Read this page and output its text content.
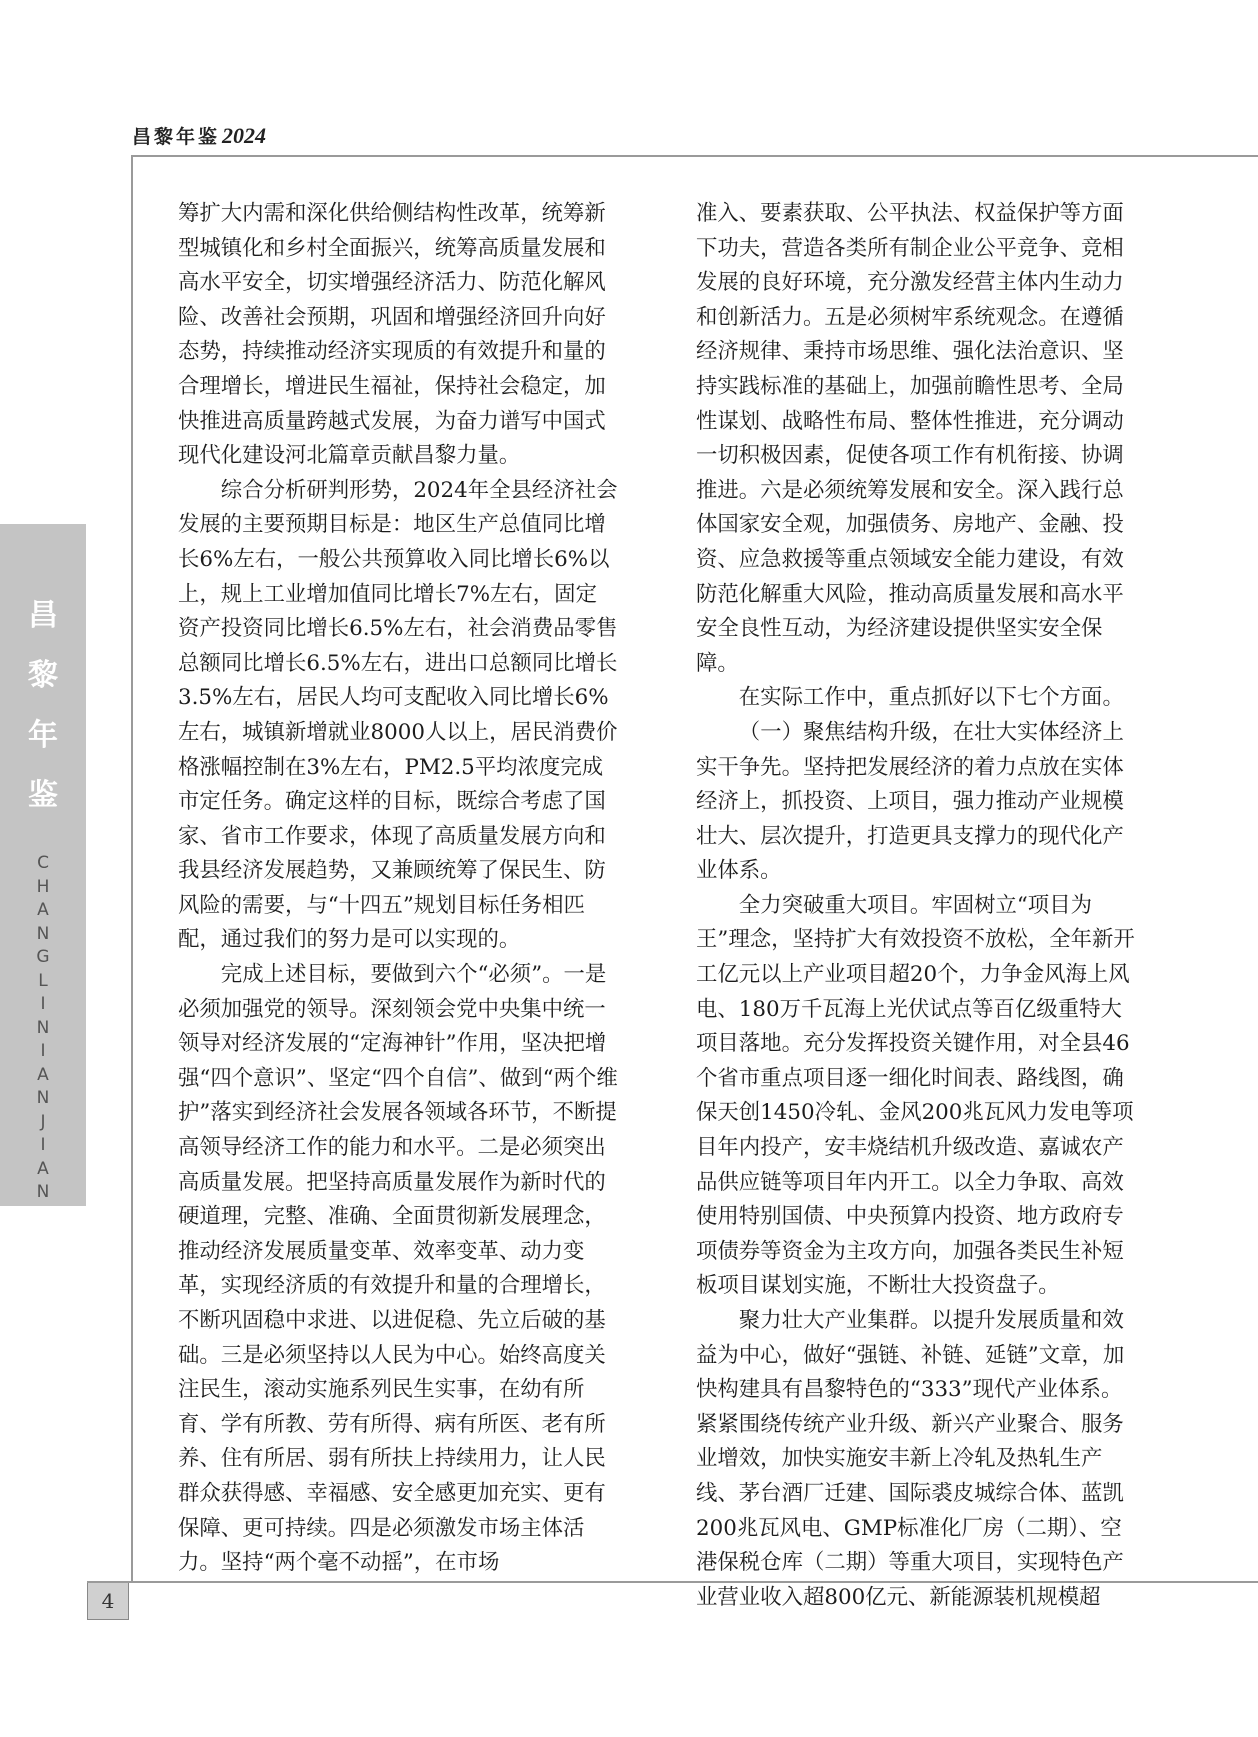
昌黎年鉴2024
昌
黎
年
鉴
C
H
A
N
G
L
I
N
I
A
N
J
I
A
N

筹扩大内需和深化供给侧结构性改革，统筹新型城镇化和乡村全面振兴，统筹高质量发展和高水平安全，切实增强经济活力、防范化解风险、改善社会预期，巩固和增强经济回升向好态势，持续推动经济实现质的有效提升和量的合理增长，增进民生福祉，保持社会稳定，加快推进高质量跨越式发展，为奋力谱写中国式现代化建设河北篇章贡献昌黎力量。

综合分析研判形势，2024年全县经济社会发展的主要预期目标是：地区生产总值同比增长6%左右，一般公共预算收入同比增长6%以上，规上工业增加值同比增长7%左右，固定资产投资同比增长6.5%左右，社会消费品零售总额同比增长6.5%左右，进出口总额同比增长3.5%左右，居民人均可支配收入同比增长6%左右，城镇新增就业8000人以上，居民消费价格涨幅控制在3%左右，PM2.5平均浓度完成市定任务。确定这样的目标，既综合考虑了国家、省市工作要求，体现了高质量发展方向和我县经济发展趋势，又兼顾统筹了保民生、防风险的需要，与“十四五”规划目标任务相匹配，通过我们的努力是可以实现的。

完成上述目标，要做到六个“必须”。一是必须加强党的领导。深刻领会党中央集中统一领导对经济发展的“定海神针”作用，坚决把增强“四个意识”、坚定“四个自信”、做到“两个维护”落实到经济社会发展各领域各环节，不断提高领导经济工作的能力和水平。二是必须突出高质量发展。把坚持高质量发展作为新时代的硬道理，完整、准确、全面贯彻新发展理念，推动经济发展质量变革、效率变革、动力变革，实现经济质的有效提升和量的合理增长，不断巩固稳中求进、以进促稳、先立后破的基础。三是必须坚持以人民为中心。始终高度关注民生，滚动实施系列民生实事，在幼有所育、学有所教、劳有所得、病有所医、老有所养、住有所居、弱有所扶上持续用力，让人民群众获得感、幸福感、安全感更加充实、更有保障、更可持续。四是必须激发市场主体活力。坚持“两个毫不动摇”，在市场

准入、要素获取、公平执法、权益保护等方面下功夫，营造各类所有制企业公平竞争、竞相发展的良好环境，充分激发经营主体内生动力和创新活力。五是必须树牢系统观念。在遵循经济规律、秉持市场思维、强化法治意识、坚持实践标准的基础上，加强前瞻性思考、全局性谋划、战略性布局、整体性推进，充分调动一切积极因素，促使各项工作有机衔接、协调推进。六是必须统筹发展和安全。深入践行总体国家安全观，加强债务、房地产、金融、投资、应急救援等重点领域安全能力建设，有效防范化解重大风险，推动高质量发展和高水平安全良性互动，为经济建设提供坚实安全保障。

在实际工作中，重点抓好以下七个方面。

（一）聚焦结构升级，在壮大实体经济上实干争先。坚持把发展经济的着力点放在实体经济上，抓投资、上项目，强力推动产业规模壮大、层次提升，打造更具支撑力的现代化产业体系。

全力突破重大项目。牢固树立“项目为王”理念，坚持扩大有效投资不放松，全年新开工亿元以上产业项目超20个，力争金风海上风电、180万千瓦海上光伏试点等百亿级重特大项目落地。充分发挥投资关键作用，对全县46个省市重点项目逐一细化时间表、路线图，确保天创1450冷轧、金风200兆瓦风力发电等项目年内投产，安丰烧结机升级改造、嘉诚农产品供应链等项目年内开工。以全力争取、高效使用特别国债、中央预算内投资、地方政府专项债券等资金为主攻方向，加强各类民生补短板项目谋划实施，不断壮大投资盘子。

聚力壮大产业集群。以提升发展质量和效益为中心，做好“强链、补链、延链”文章，加快构建具有昌黎特色的“333”现代产业体系。紧紧围绕传统产业升级、新兴产业聚合、服务业增效，加快实施安丰新上冷轧及热轧生产线、茅台酒厂迁建、国际裘皮城综合体、蓝凯200兆瓦风电、GMP标准化厂房（二期）、空港保税仓库（二期）等重大项目，实现特色产业营业收入超800亿元、新能源装机规模超

4
